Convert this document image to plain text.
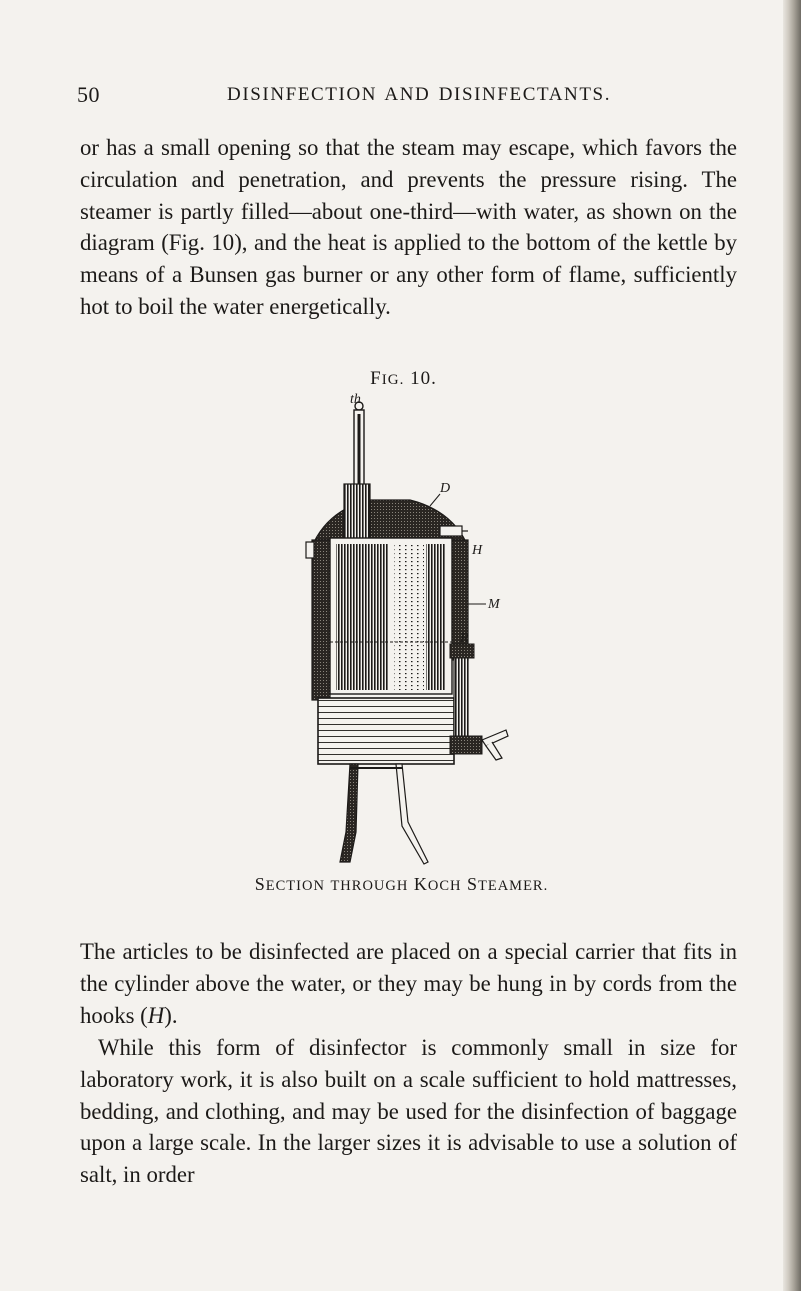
50	DISINFECTION AND DISINFECTANTS.

or has a small opening so that the steam may escape, which favors the circulation and penetration, and prevents the pressure rising. The steamer is partly filled—about one-third—with water, as shown on the diagram (Fig. 10), and the heat is applied to the bottom of the kettle by means of a Bunsen gas burner or any other form of flame, sufficiently hot to boil the water energetically.

FIG. 10.
th
D
H
M
R
SECTION THROUGH KOCH STEAMER.

The articles to be disinfected are placed on a special carrier that fits in the cylinder above the water, or they may be hung in by cords from the hooks (H).

While this form of disinfector is commonly small in size for laboratory work, it is also built on a scale sufficient to hold mattresses, bedding, and clothing, and may be used for the disinfection of baggage upon a large scale. In the larger sizes it is advisable to use a solution of salt, in order
